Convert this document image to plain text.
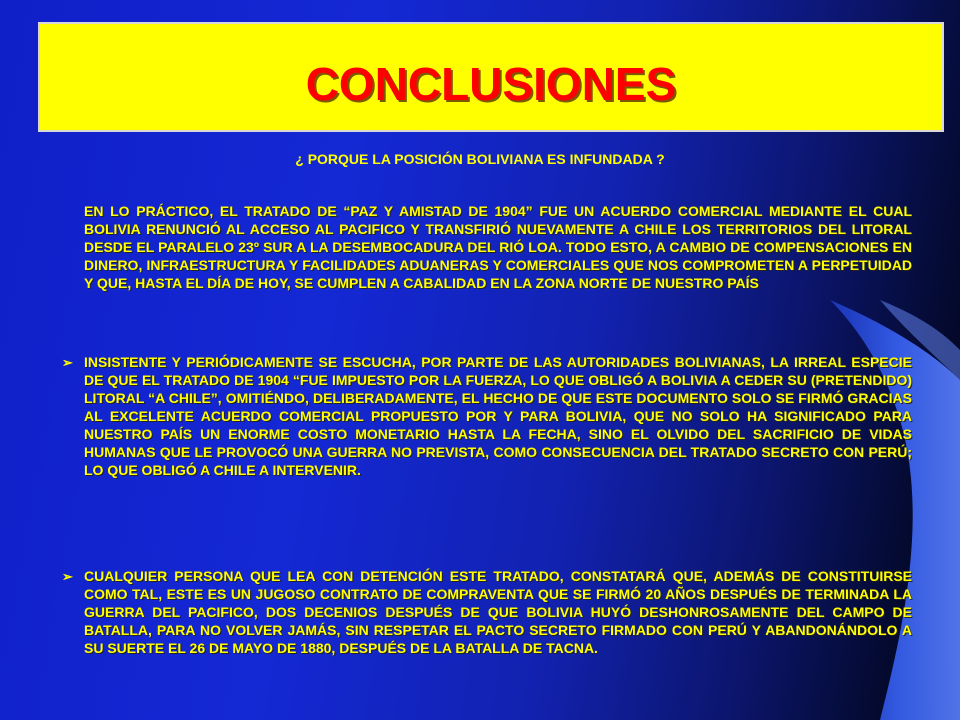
CONCLUSIONES
¿ PORQUE LA POSICIÓN BOLIVIANA ES INFUNDADA ?
EN LO PRÁCTICO, EL TRATADO DE “PAZ Y AMISTAD DE 1904” FUE UN ACUERDO COMERCIAL MEDIANTE EL CUAL BOLIVIA RENUNCIÓ AL ACCESO AL PACIFICO Y TRANSFIRIÓ NUEVAMENTE A CHILE LOS TERRITORIOS DEL LITORAL DESDE EL PARALELO 23º SUR A LA DESEMBOCADURA DEL RIÓ LOA. TODO ESTO, A CAMBIO DE COMPENSACIONES EN DINERO, INFRAESTRUCTURA Y FACILIDADES ADUANERAS Y COMERCIALES QUE NOS COMPROMETEN A PERPETUIDAD Y QUE, HASTA EL DÍA DE HOY, SE CUMPLEN A CABALIDAD EN LA ZONA NORTE DE NUESTRO PAÍS
➢ INSISTENTE Y PERIÓDICAMENTE SE ESCUCHA, POR PARTE DE LAS AUTORIDADES BOLIVIANAS, LA IRREAL ESPECIE DE QUE EL TRATADO DE 1904 “FUE IMPUESTO POR LA FUERZA, LO QUE OBLIGÓ A BOLIVIA A CEDER SU (PRETENDIDO) LITORAL “A CHILE”, OMITIÉNDO, DELIBERADAMENTE, EL HECHO DE QUE ESTE DOCUMENTO SOLO SE FIRMÓ GRACIAS AL EXCELENTE ACUERDO COMERCIAL PROPUESTO POR Y PARA BOLIVIA, QUE NO SOLO HA SIGNIFICADO PARA NUESTRO PAÍS UN ENORME COSTO MONETARIO HASTA LA FECHA, SINO EL OLVIDO DEL SACRIFICIO DE VIDAS HUMANAS QUE LE PROVOCÓ UNA GUERRA NO PREVISTA, COMO CONSECUENCIA DEL TRATADO SECRETO CON PERÚ; LO QUE OBLIGÓ A CHILE A INTERVENIR.
➢ CUALQUIER PERSONA QUE LEA CON DETENCIÓN ESTE TRATADO, CONSTATARÁ QUE, ADEMÁS DE CONSTITUIRSE COMO TAL, ESTE ES UN JUGOSO CONTRATO DE COMPRAVENTA QUE SE FIRMÓ 20 AÑOS DESPUÉS DE TERMINADA LA GUERRA DEL PACIFICO, DOS DECENIOS DESPUÉS DE QUE BOLIVIA HUYÓ DESHONROSAMENTE DEL CAMPO DE BATALLA, PARA NO VOLVER JAMÁS, SIN RESPETAR EL PACTO SECRETO FIRMADO CON PERÚ Y ABANDONÁNDOLO A SU SUERTE EL 26 DE MAYO DE 1880, DESPUÉS DE LA BATALLA DE TACNA.
